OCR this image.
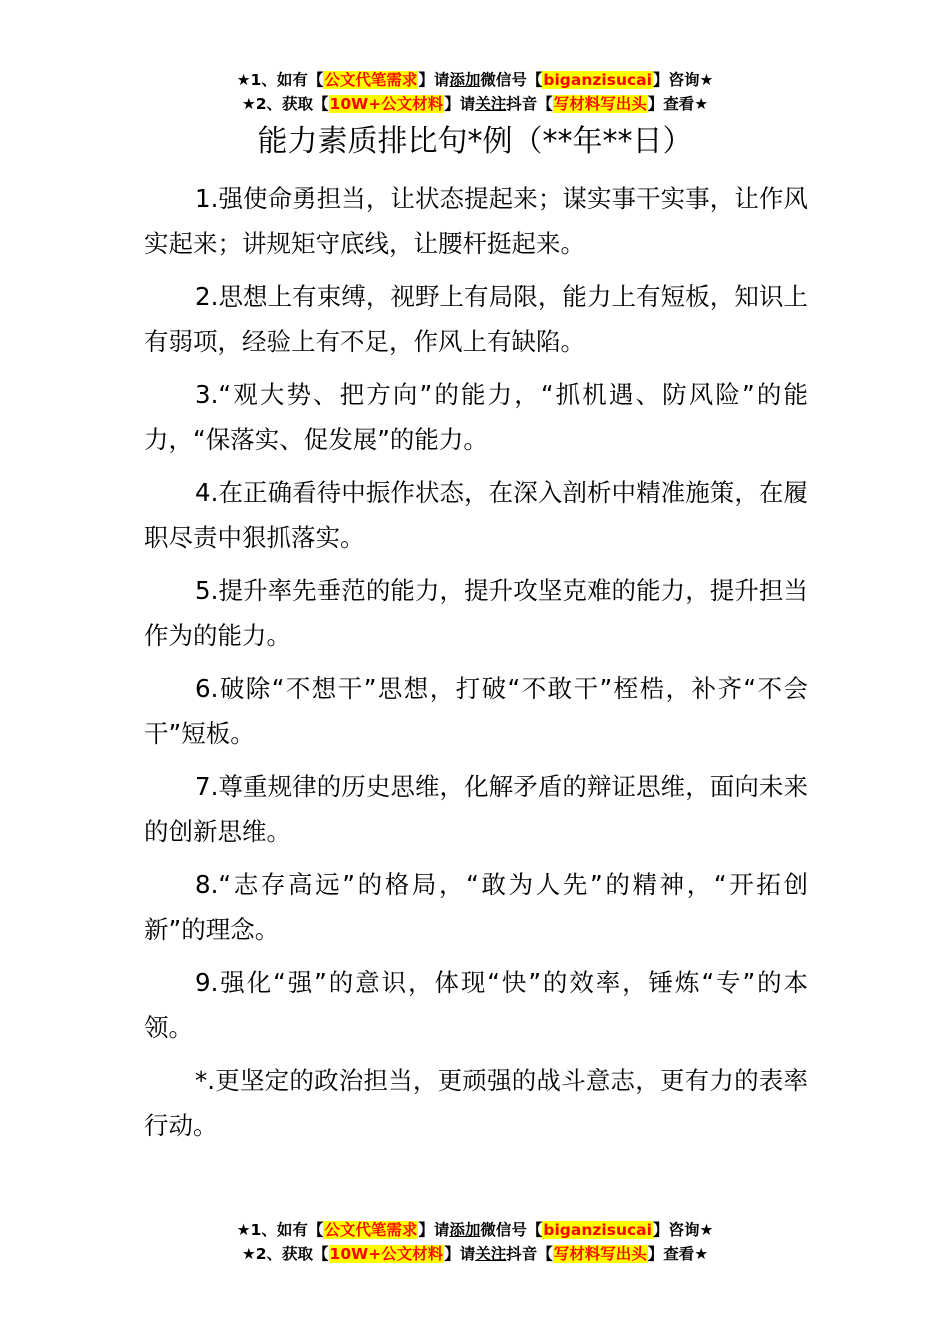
★1、如有【公文代笔需求】请添加微信号【biganzisucai】咨询★
★2、获取【10W+公文材料】请关注抖音【写材料写出头】查看★
能力素质排比句*例（**年**日）

1.强使命勇担当，让状态提起来；谋实事干实事，让作风实起来；讲规矩守底线，让腰杆挺起来。

2.思想上有束缚，视野上有局限，能力上有短板，知识上有弱项，经验上有不足，作风上有缺陷。

3.“观大势、把方向”的能力，“抓机遇、防风险”的能力，“保落实、促发展”的能力。

4.在正确看待中振作状态，在深入剖析中精准施策，在履职尽责中狠抓落实。

5.提升率先垂范的能力，提升攻坚克难的能力，提升担当作为的能力。

6.破除“不想干”思想，打破“不敢干”桎梏，补齐“不会干”短板。

7.尊重规律的历史思维，化解矛盾的辩证思维，面向未来的创新思维。

8.“志存高远”的格局，“敢为人先”的精神，“开拓创新”的理念。

9.强化“强”的意识，体现“快”的效率，锤炼“专”的本领。

*.更坚定的政治担当，更顽强的战斗意志，更有力的表率行动。

★1、如有【公文代笔需求】请添加微信号【biganzisucai】咨询★
★2、获取【10W+公文材料】请关注抖音【写材料写出头】查看★
